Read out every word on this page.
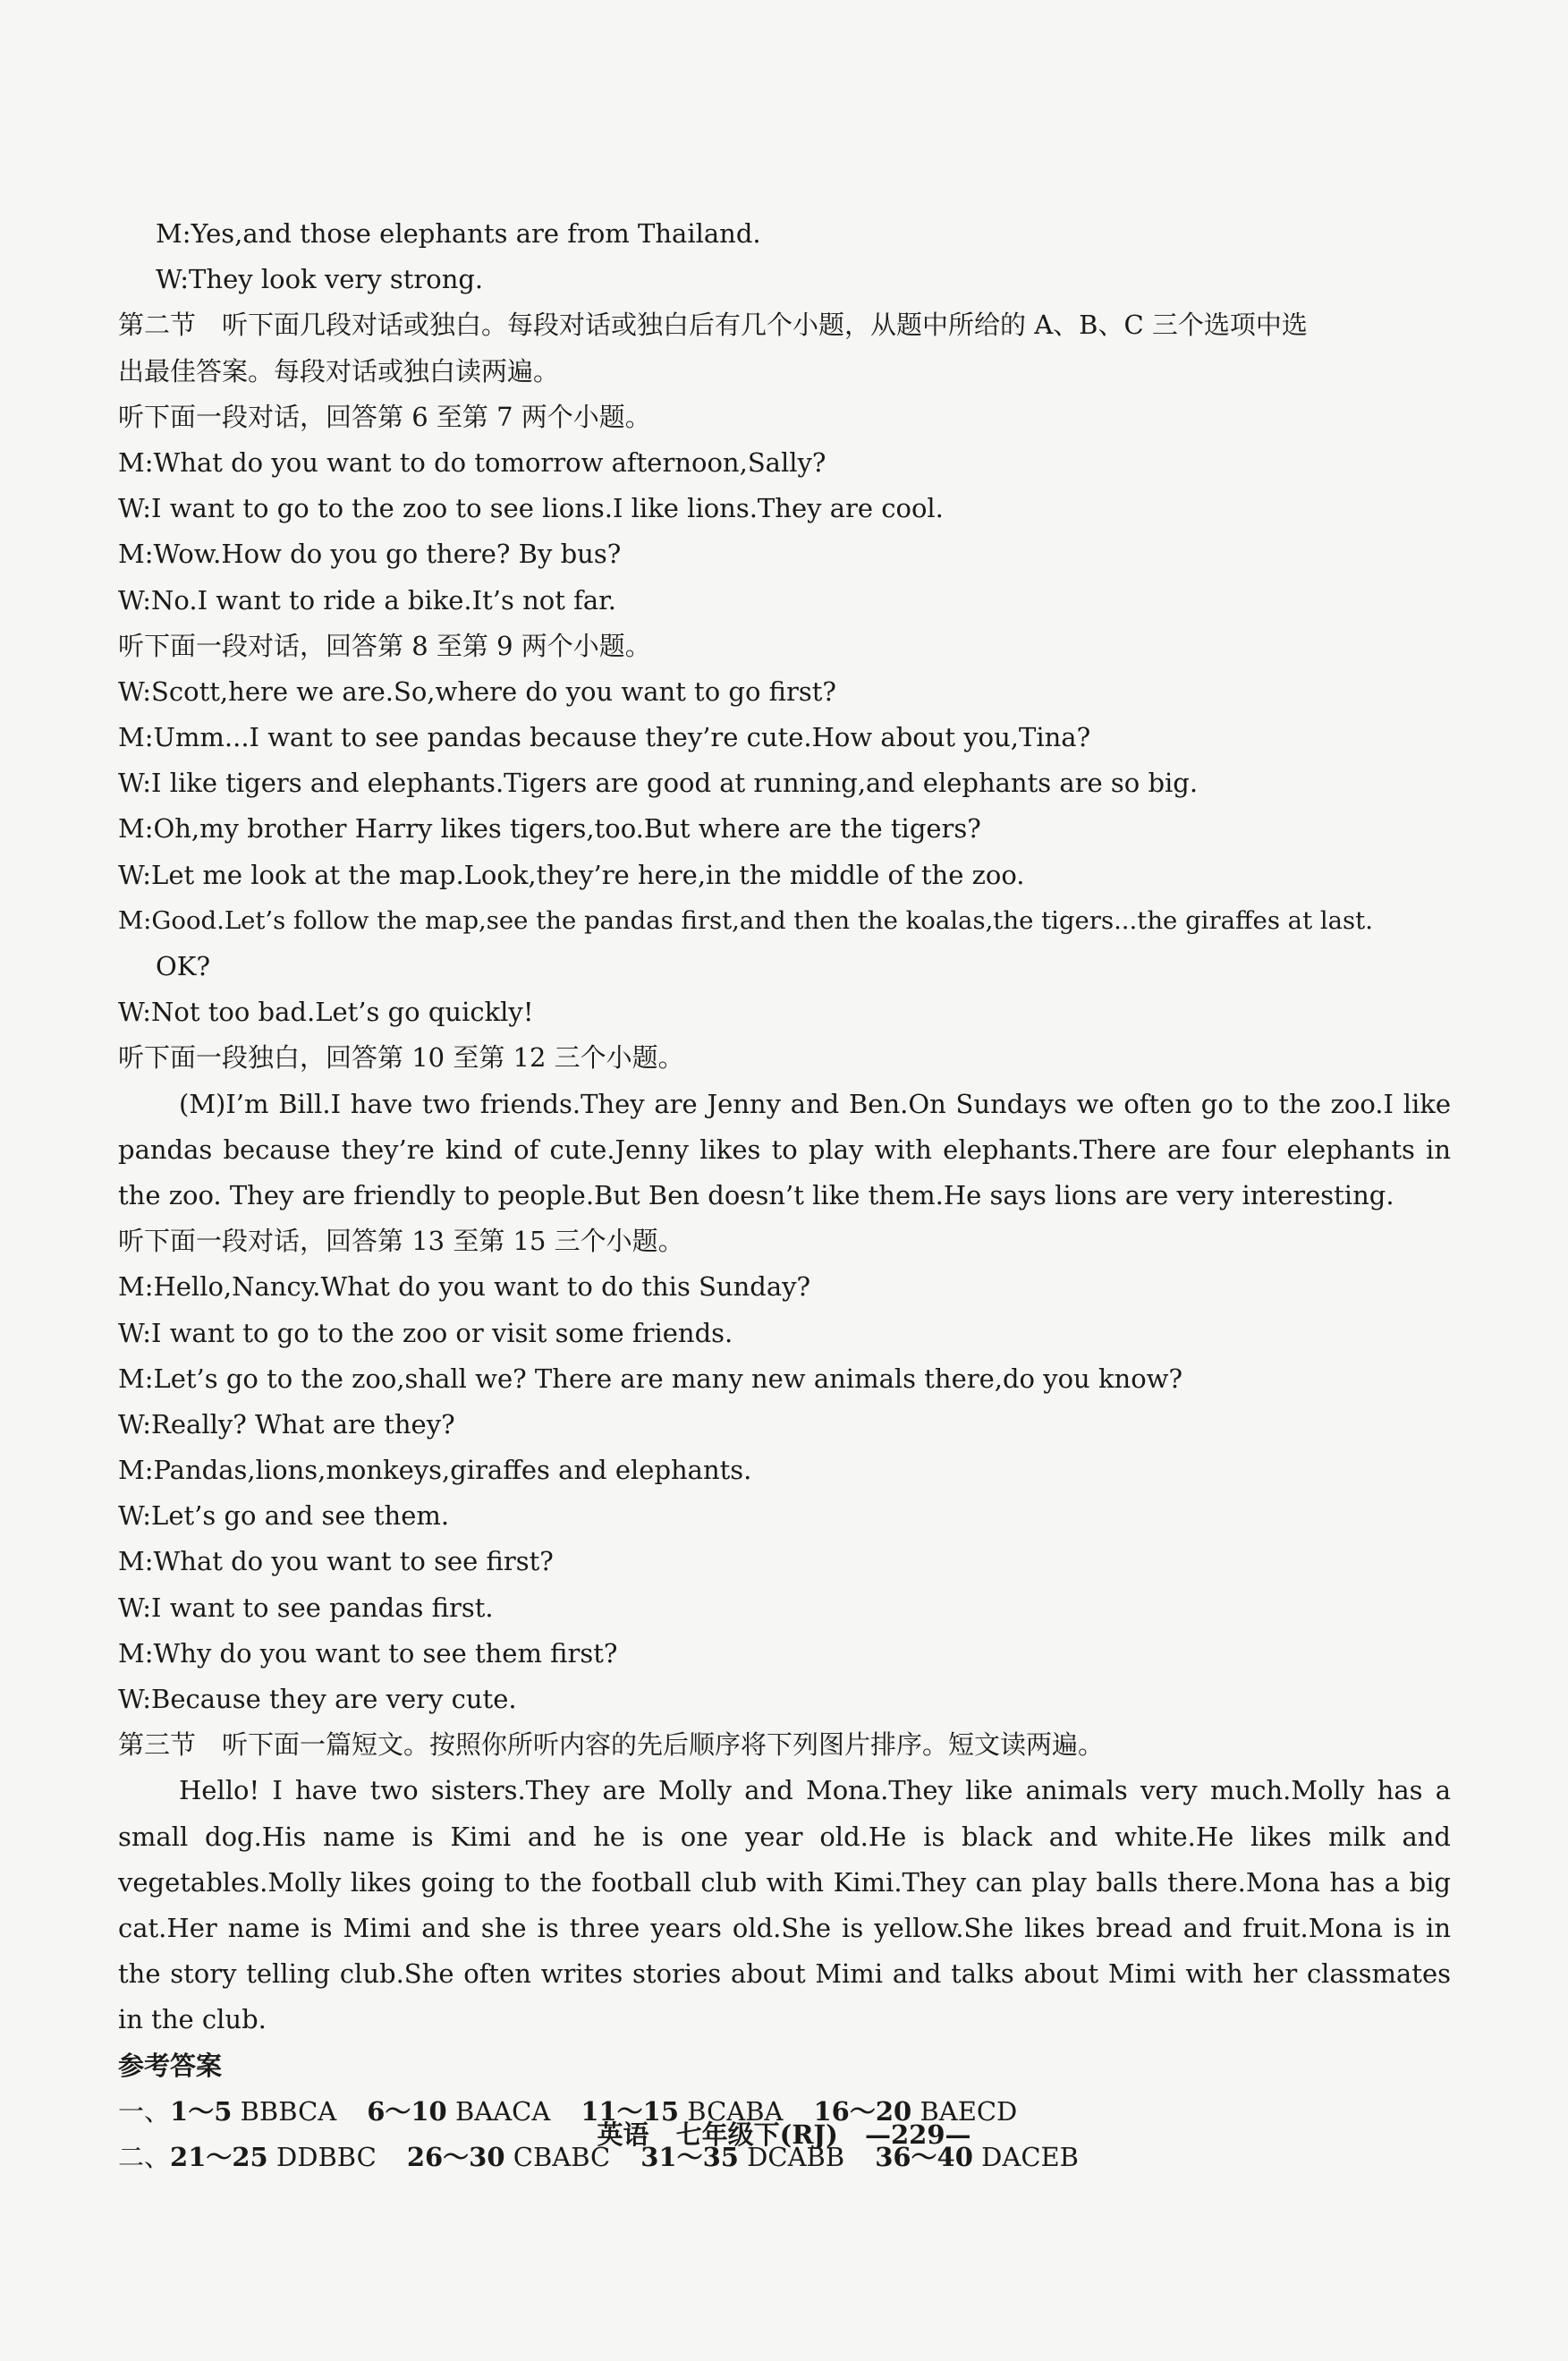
M:Yes,and those elephants are from Thailand.
W:They look very strong.
第二节　听下面几段对话或独白。每段对话或独白后有几个小题，从题中所给的 A、B、C 三个选项中选
出最佳答案。每段对话或独白读两遍。
听下面一段对话，回答第 6 至第 7 两个小题。
M:What do you want to do tomorrow afternoon,Sally?
W:I want to go to the zoo to see lions.I like lions.They are cool.
M:Wow.How do you go there? By bus?
W:No.I want to ride a bike.It’s not far.
听下面一段对话，回答第 8 至第 9 两个小题。
W:Scott,here we are.So,where do you want to go first?
M:Umm...I want to see pandas because they’re cute.How about you,Tina?
W:I like tigers and elephants.Tigers are good at running,and elephants are so big.
M:Oh,my brother Harry likes tigers,too.But where are the tigers?
W:Let me look at the map.Look,they’re here,in the middle of the zoo.
M:Good.Let’s follow the map,see the pandas first,and then the koalas,the tigers...the giraffes at last.
OK?
W:Not too bad.Let’s go quickly!
听下面一段独白，回答第 10 至第 12 三个小题。
(M)I’m Bill.I have two friends.They are Jenny and Ben.On Sundays we often go to the zoo.I like pandas because they’re kind of cute.Jenny likes to play with elephants.There are four elephants in the zoo. They are friendly to people.But Ben doesn’t like them.He says lions are very interesting.
听下面一段对话，回答第 13 至第 15 三个小题。
M:Hello,Nancy.What do you want to do this Sunday?
W:I want to go to the zoo or visit some friends.
M:Let’s go to the zoo,shall we? There are many new animals there,do you know?
W:Really? What are they?
M:Pandas,lions,monkeys,giraffes and elephants.
W:Let’s go and see them.
M:What do you want to see first?
W:I want to see pandas first.
M:Why do you want to see them first?
W:Because they are very cute.
第三节　听下面一篇短文。按照你所听内容的先后顺序将下列图片排序。短文读两遍。
Hello! I have two sisters.They are Molly and Mona.They like animals very much.Molly has a small dog.His name is Kimi and he is one year old.He is black and white.He likes milk and vegetables.Molly likes going to the football club with Kimi.They can play balls there.Mona has a big cat.Her name is Mimi and she is three years old.She is yellow.She likes bread and fruit.Mona is in the story telling club.She often writes stories about Mimi and talks about Mimi with her classmates in the club.
参考答案
一、1～5 BBBCA 6～10 BAACA 11～15 BCABA 16～20 BAECD
二、21～25 DDBBC 26～30 CBABC 31～35 DCABB 36～40 DACEB
英语 七年级下(RJ) —229—
